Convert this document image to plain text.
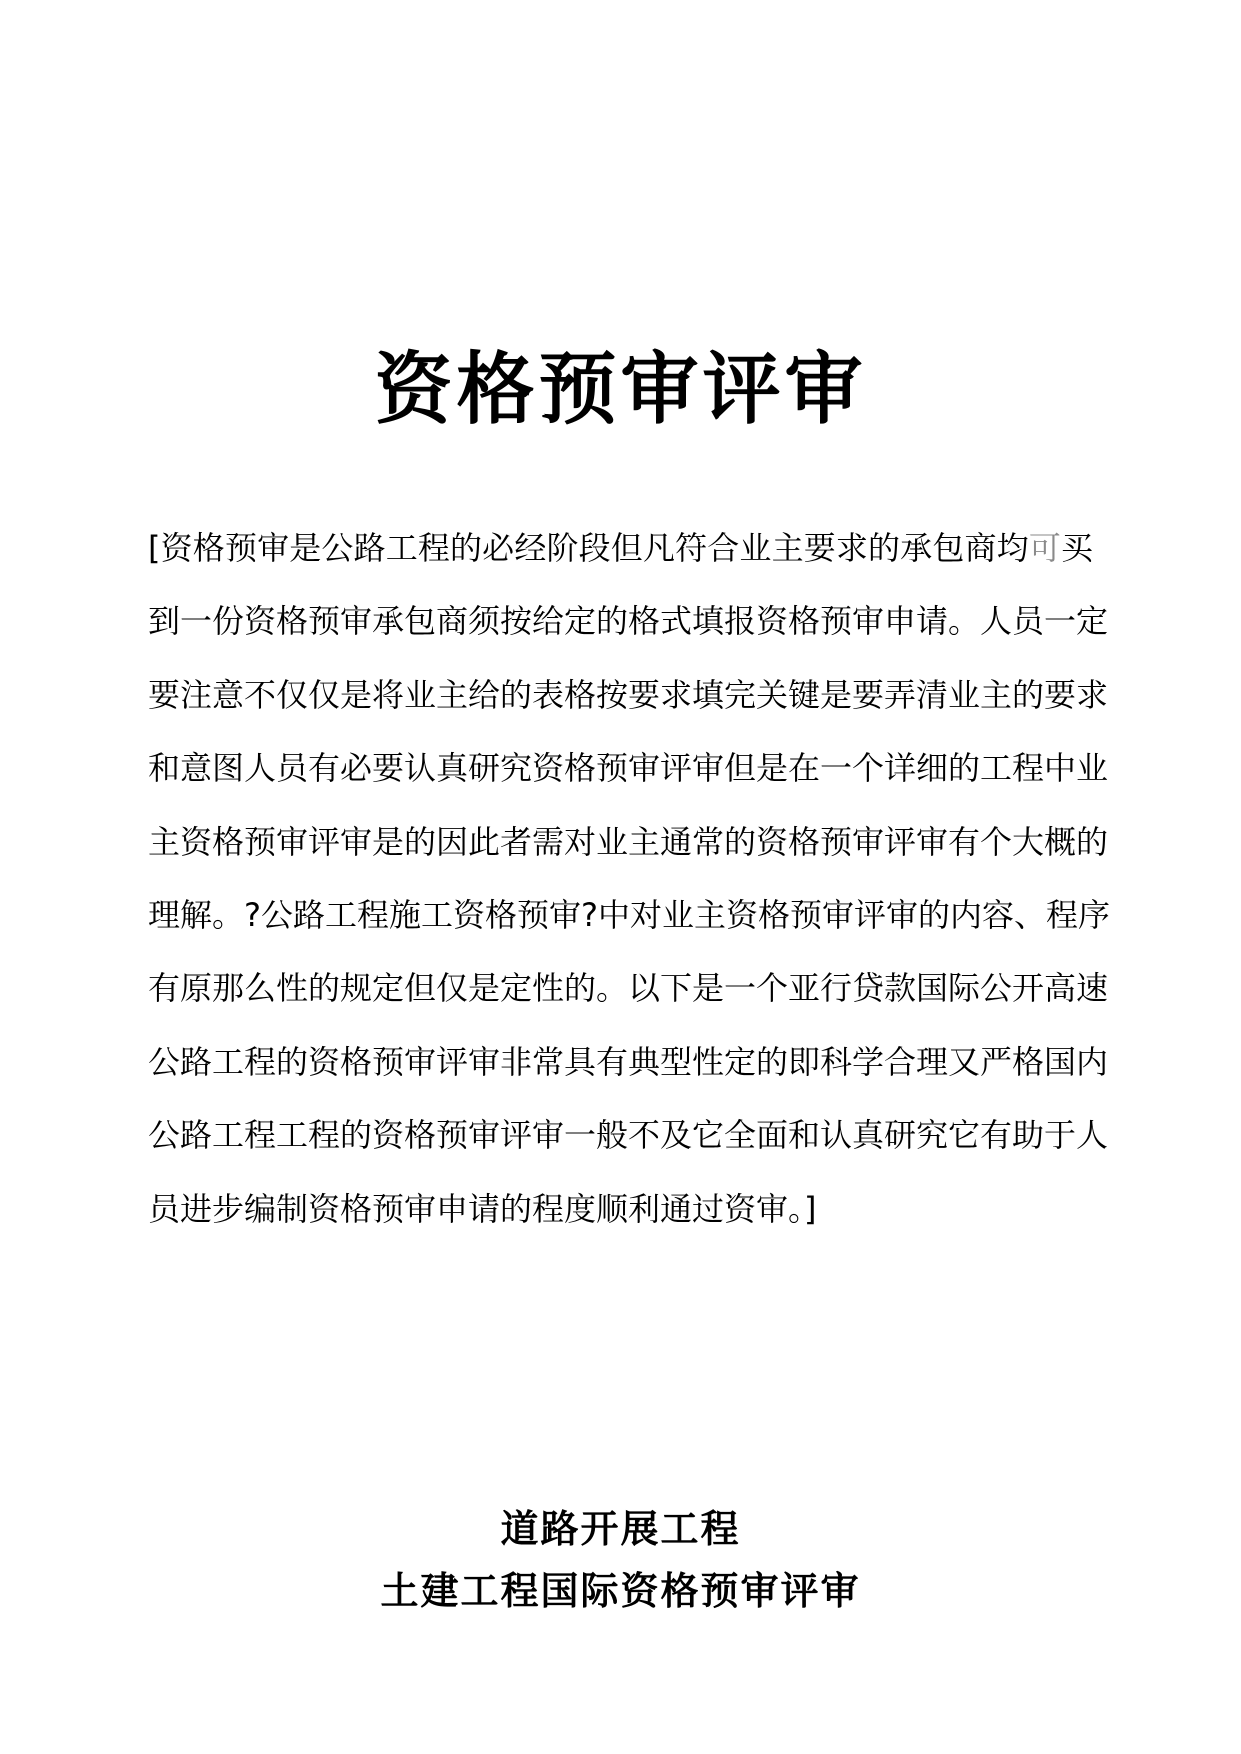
资格预审评审
[资格预审是公路工程的必经阶段但凡符合业主要求的承包商均可买
到一份资格预审承包商须按给定的格式填报资格预审申请。人员一定
要注意不仅仅是将业主给的表格按要求填完关键是要弄清业主的要求
和意图人员有必要认真研究资格预审评审但是在一个详细的工程中业
主资格预审评审是的因此者需对业主通常的资格预审评审有个大概的
理解。?公路工程施工资格预审?中对业主资格预审评审的内容、程序
有原那么性的规定但仅是定性的。以下是一个亚行贷款国际公开高速
公路工程的资格预审评审非常具有典型性定的即科学合理又严格国内
公路工程工程的资格预审评审一般不及它全面和认真研究它有助于人
员进步编制资格预审申请的程度顺利通过资审。]
道路开展工程
土建工程国际资格预审评审
